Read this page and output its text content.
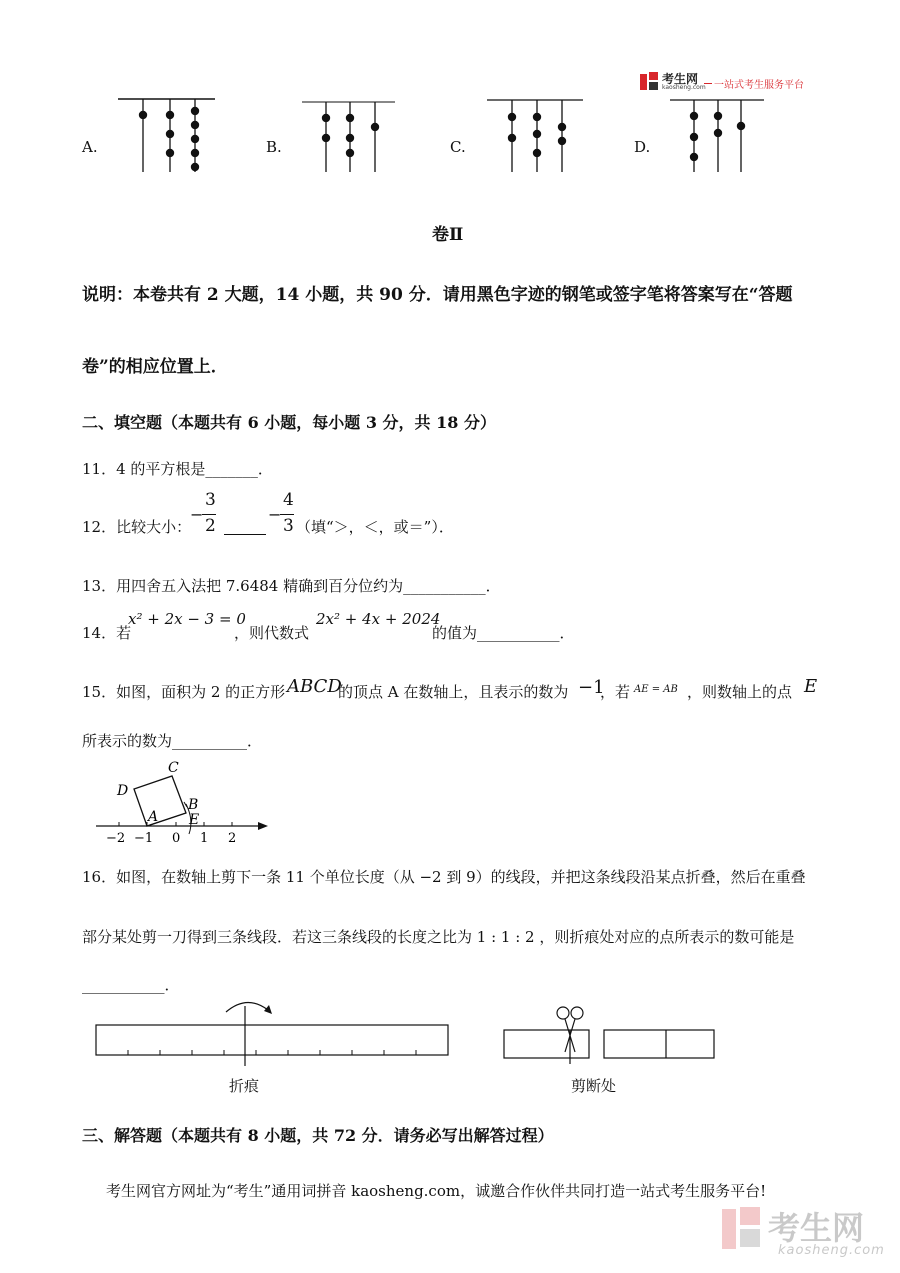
考生网
kaosheng.com 一站式考生服务平台
A.	B.	C.	D.
卷Ⅱ
说明：本卷共有 2 大题，14 小题，共 90 分．请用黑色字迹的钢笔或签字笔将答案写在“答题
卷”的相应位置上．
二、填空题（本题共有 6 小题，每小题 3 分，共 18 分）
11．4 的平方根是_______．
12．比较大小：
−
3
2
−
4
3 （填“＞，＜，或＝”）．
13．用四舍五入法把 7.6484 精确到百分位约为___________．
14．若
x² + 2x − 3 = 0
，则代数式
2x² + 4x + 2024
的值为___________．
15．如图，面积为 2 的正方形 ABCD
的顶点 A 在数轴上，且表示的数为 −1
，若 AE = AB ，则数轴上的点 E
所表示的数为__________．
C
D
B
A E
−2 −1 0 1 2
16．如图，在数轴上剪下一条 11 个单位长度（从 −2 到 9）的线段，并把这条线段沿某点折叠，然后在重叠
部分某处剪一刀得到三条线段．若这三条线段的长度之比为 1 : 1 : 2 ，则折痕处对应的点所表示的数可能是
___________．
折痕	剪断处
三、解答题（本题共有 8 小题，共 72 分．请务必写出解答过程）
考生网官方网址为“考生”通用词拼音 kaosheng.com，诚邀合作伙伴共同打造一站式考生服务平台!
考生网
kaosheng.com
